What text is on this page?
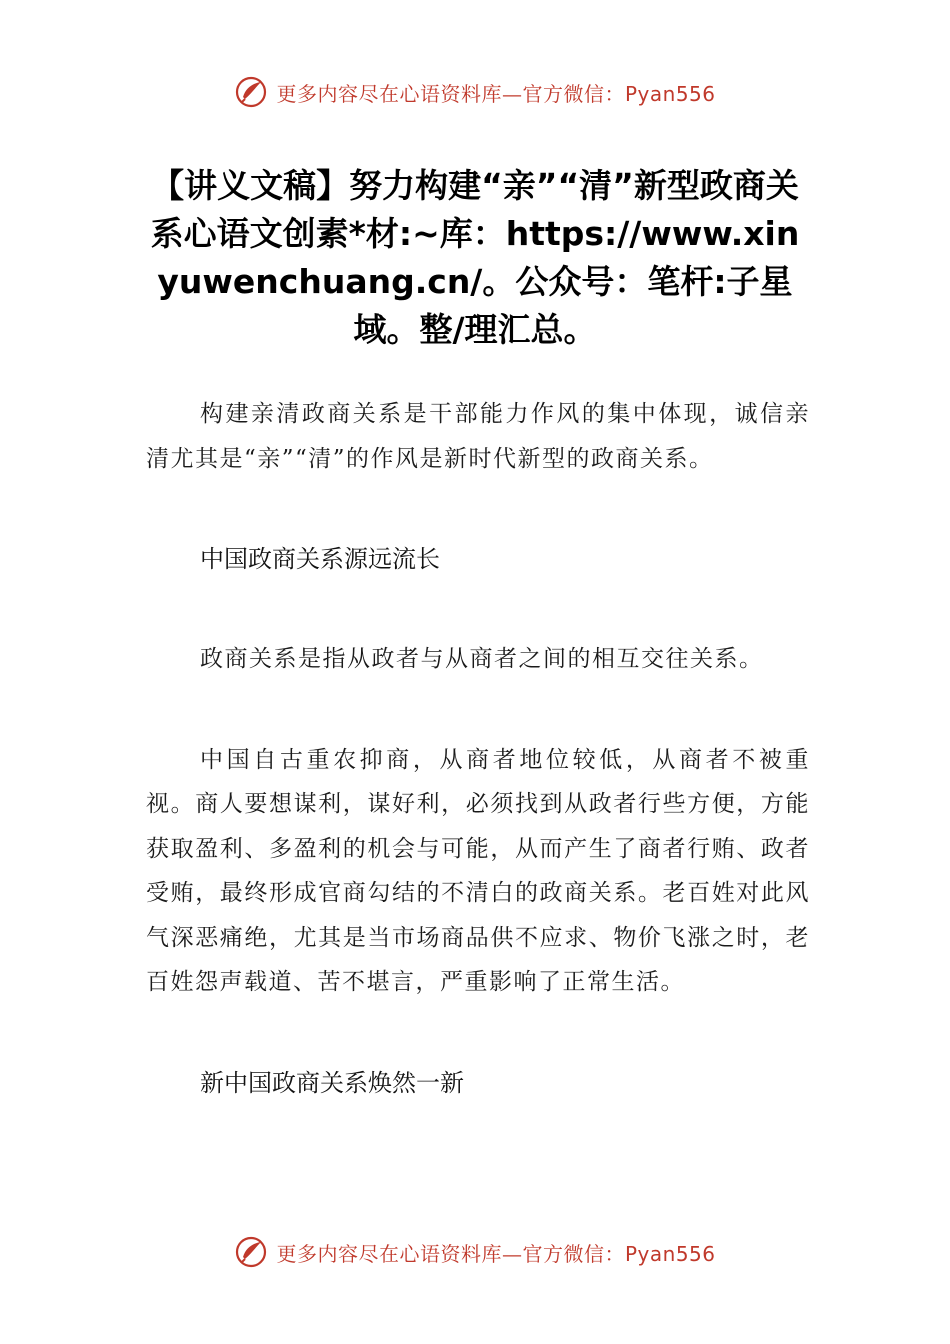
更多内容尽在心语资料库—官方微信：Pyan556
【讲义文稿】努力构建“亲”“清”新型政商关系心语文创素*材:~库：https://www.xinyuwenchuang.cn/。公众号：笔杆:子星域。整/理汇总。

构建亲清政商关系是干部能力作风的集中体现，诚信亲清尤其是“亲”“清”的作风是新时代新型的政商关系。

中国政商关系源远流长

政商关系是指从政者与从商者之间的相互交往关系。

中国自古重农抑商，从商者地位较低，从商者不被重视。商人要想谋利，谋好利，必须找到从政者行些方便，方能获取盈利、多盈利的机会与可能，从而产生了商者行贿、政者受贿，最终形成官商勾结的不清白的政商关系。老百姓对此风气深恶痛绝，尤其是当市场商品供不应求、物价飞涨之时，老百姓怨声载道、苦不堪言，严重影响了正常生活。

新中国政商关系焕然一新

更多内容尽在心语资料库—官方微信：Pyan556
